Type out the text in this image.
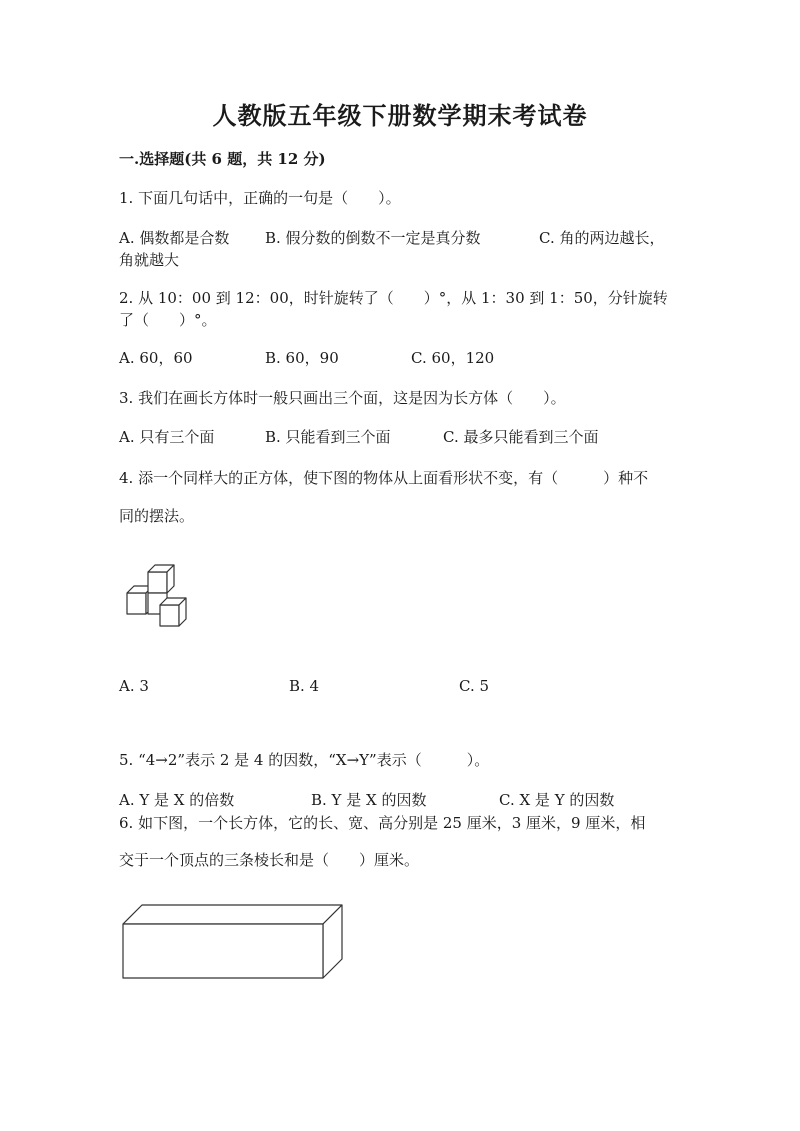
人教版五年级下册数学期末考试卷
一.选择题(共 6 题，共 12 分)
1. 下面几句话中，正确的一句是（　　）。
A. 偶数都是合数 B. 假分数的倒数不一定是真分数	C. 角的两边越长，
角就越大
2. 从 10：00 到 12：00，时针旋转了（　　）°，从 1：30 到 1：50，分针旋转
了（　　）°。
A. 60，60	B. 60，90	C. 60，120
3. 我们在画长方体时一般只画出三个面，这是因为长方体（　　）。
A. 只有三个面	B. 只能看到三个面	C. 最多只能看到三个面
4. 添一个同样大的正方体，使下图的物体从上面看形状不变，有（　　　）种不
同的摆法。
A. 3	B. 4	C. 5
5. “4→2”表示 2 是 4 的因数，“X→Y”表示（　　　）。
A. Y 是 X 的倍数	B. Y 是 X 的因数	C. X 是 Y 的因数
6. 如下图，一个长方体，它的长、宽、高分别是 25 厘米，3 厘米，9 厘米，相
交于一个顶点的三条棱长和是（　　）厘米。
